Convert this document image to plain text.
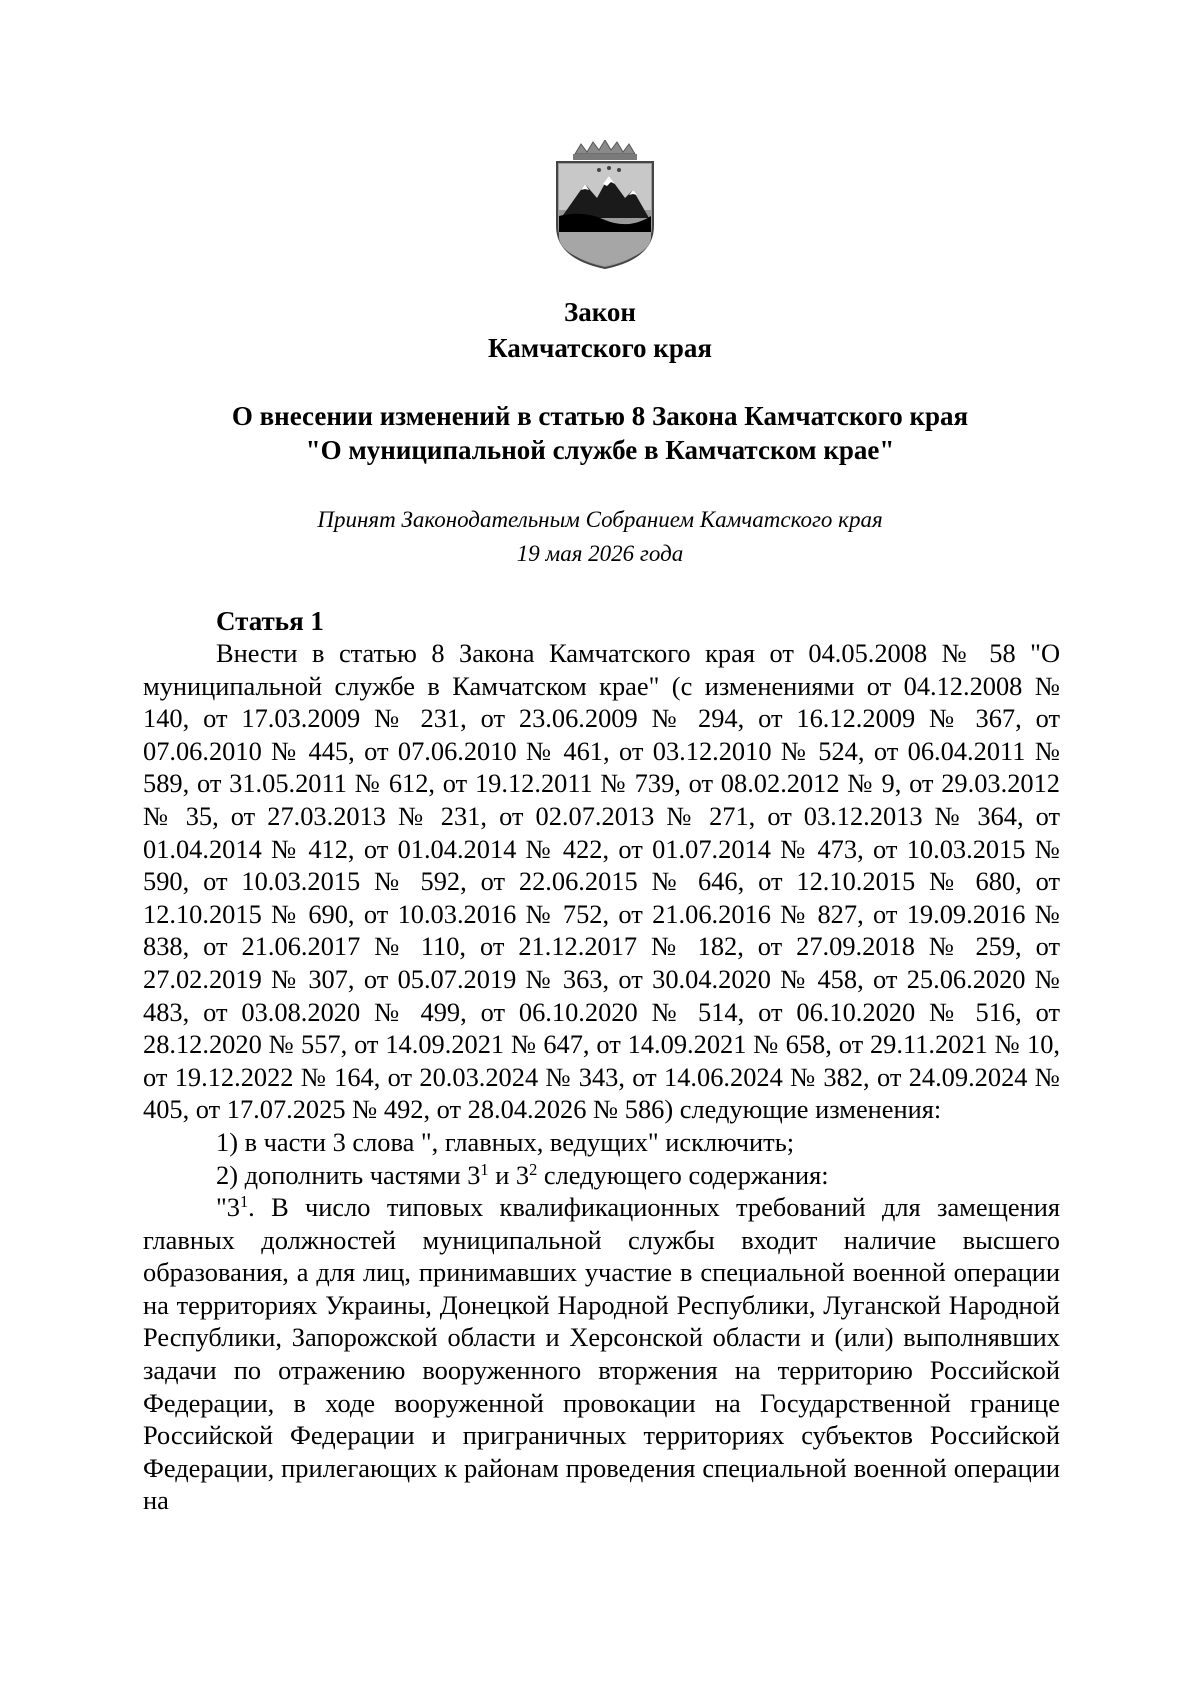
Закон
Камчатского края
О внесении изменений в статью 8 Закона Камчатского края
"О муниципальной службе в Камчатском крае"
Принят Законодательным Собранием Камчатского края
19 мая 2026 года
Статья 1

Внести в статью 8 Закона Камчатского края от 04.05.2008 № 58 "О муниципальной службе в Камчатском крае" (с изменениями от 04.12.2008 № 140, от 17.03.2009 № 231, от 23.06.2009 № 294, от 16.12.2009 № 367, от 07.06.2010 № 445, от 07.06.2010 № 461, от 03.12.2010 № 524, от 06.04.2011 № 589, от 31.05.2011 № 612, от 19.12.2011 № 739, от 08.02.2012 № 9, от 29.03.2012 № 35, от 27.03.2013 № 231, от 02.07.2013 № 271, от 03.12.2013 № 364, от 01.04.2014 № 412, от 01.04.2014 № 422, от 01.07.2014 № 473, от 10.03.2015 № 590, от 10.03.2015 № 592, от 22.06.2015 № 646, от 12.10.2015 № 680, от 12.10.2015 № 690, от 10.03.2016 № 752, от 21.06.2016 № 827, от 19.09.2016 № 838, от 21.06.2017 № 110, от 21.12.2017 № 182, от 27.09.2018 № 259, от 27.02.2019 № 307, от 05.07.2019 № 363, от 30.04.2020 № 458, от 25.06.2020 № 483, от 03.08.2020 № 499, от 06.10.2020 № 514, от 06.10.2020 № 516, от 28.12.2020 № 557, от 14.09.2021 № 647, от 14.09.2021 № 658, от 29.11.2021 № 10, от 19.12.2022 № 164, от 20.03.2024 № 343, от 14.06.2024 № 382, от 24.09.2024 № 405, от 17.07.2025 № 492, от 28.04.2026 № 586) следующие изменения:

1) в части 3 слова ", главных, ведущих" исключить;

2) дополнить частями $3^1$ и $3^2$ следующего содержания:

"$3^1$. В число типовых квалификационных требований для замещения главных должностей муниципальной службы входит наличие высшего образования, а для лиц, принимавших участие в специальной военной операции на территориях Украины, Донецкой Народной Республики, Луганской Народной Республики, Запорожской области и Херсонской области и (или) выполнявших задачи по отражению вооруженного вторжения на территорию Российской Федерации, в ходе вооруженной провокации на Государственной границе Российской Федерации и приграничных территориях субъектов Российской Федерации, прилегающих к районам проведения специальной военной операции на
